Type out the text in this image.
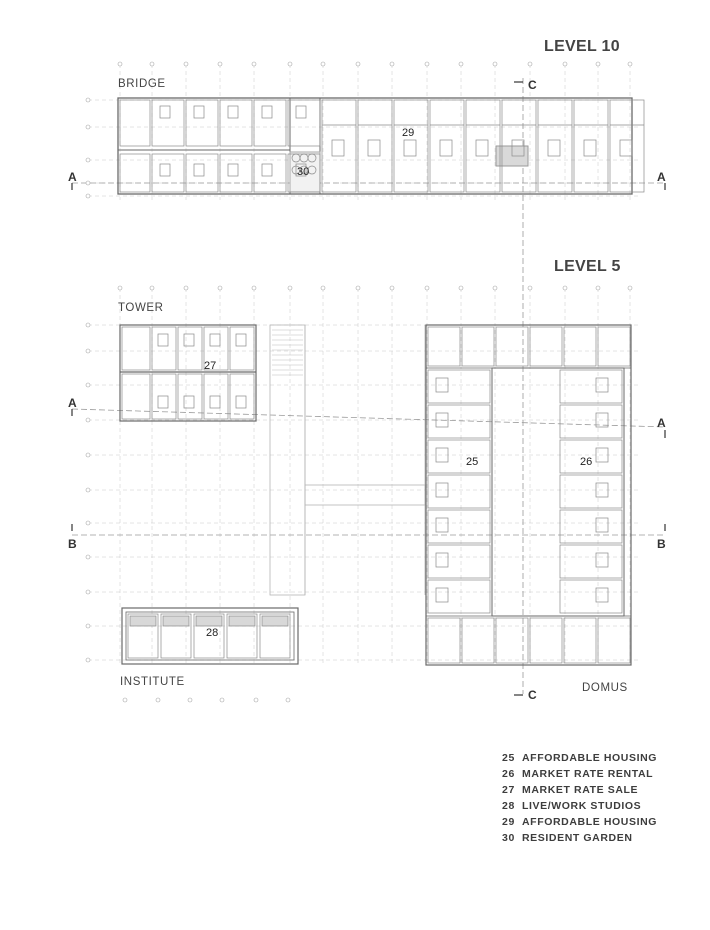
LEVEL 10
LEVEL 5
BRIDGE
TOWER
INSTITUTE	DOMUS
29
30
27
25	26
28
A	A
C
A
A
B	B
C
25 AFFORDABLE HOUSING
26 MARKET RATE RENTAL
27 MARKET RATE SALE
28 LIVE/WORK STUDIOS
29 AFFORDABLE HOUSING
30 RESIDENT GARDEN
